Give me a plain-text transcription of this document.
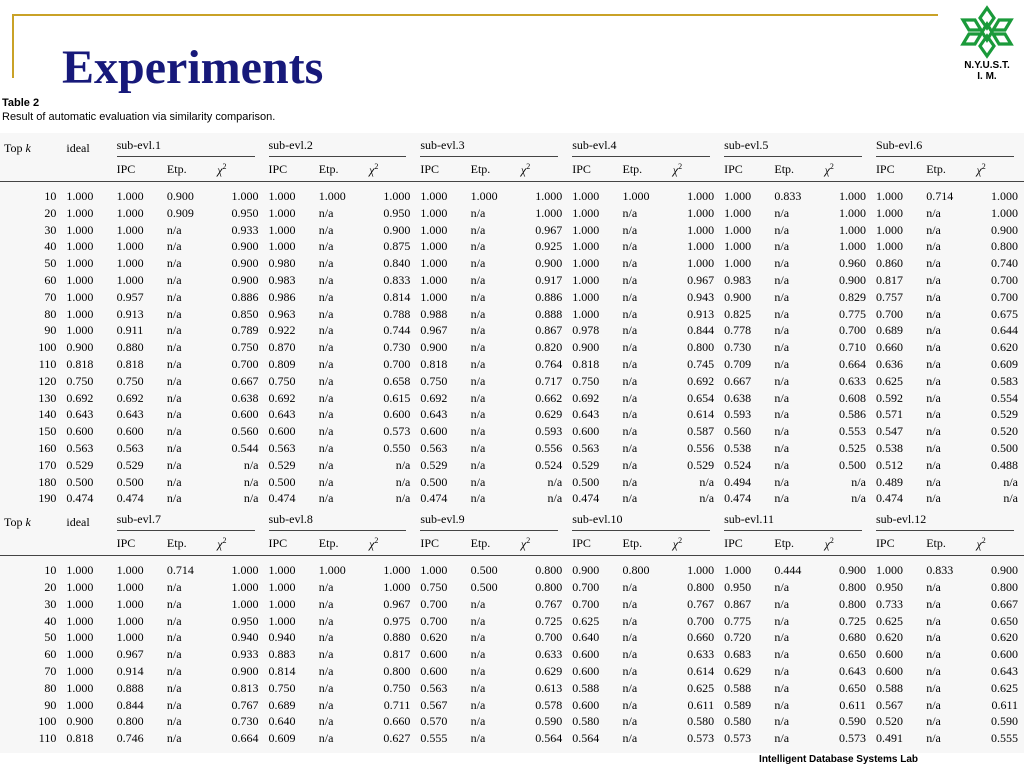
Experiments	N.Y.U.S.T.
I. M.
Table 2
Result of automatic evaluation via similarity comparison.
Top k	ideal	sub-evl.1			sub-evl.2			sub-evl.3			sub-evl.4			sub-evl.5			Sub-evl.6		

		IPC	Etp.	$\chi^2$	IPC	Etp.	$\chi^2$	IPC	Etp.	$\chi^2$	IPC	Etp.	$\chi^2$	IPC	Etp.	$\chi^2$	IPC	Etp.	$\chi^2$

10	1.000	1.000	0.900	1.000	1.000	1.000	1.000	1.000	1.000	1.000	1.000	1.000	1.000	1.000	0.833	1.000	1.000	0.714	1.000
20	1.000	1.000	0.909	0.950	1.000	n/a	0.950	1.000	n/a	1.000	1.000	n/a	1.000	1.000	n/a	1.000	1.000	n/a	1.000
30	1.000	1.000	n/a	0.933	1.000	n/a	0.900	1.000	n/a	0.967	1.000	n/a	1.000	1.000	n/a	1.000	1.000	n/a	0.900
40	1.000	1.000	n/a	0.900	1.000	n/a	0.875	1.000	n/a	0.925	1.000	n/a	1.000	1.000	n/a	1.000	1.000	n/a	0.800
50	1.000	1.000	n/a	0.900	0.980	n/a	0.840	1.000	n/a	0.900	1.000	n/a	1.000	1.000	n/a	0.960	0.860	n/a	0.740
60	1.000	1.000	n/a	0.900	0.983	n/a	0.833	1.000	n/a	0.917	1.000	n/a	0.967	0.983	n/a	0.900	0.817	n/a	0.700
70	1.000	0.957	n/a	0.886	0.986	n/a	0.814	1.000	n/a	0.886	1.000	n/a	0.943	0.900	n/a	0.829	0.757	n/a	0.700
80	1.000	0.913	n/a	0.850	0.963	n/a	0.788	0.988	n/a	0.888	1.000	n/a	0.913	0.825	n/a	0.775	0.700	n/a	0.675
90	1.000	0.911	n/a	0.789	0.922	n/a	0.744	0.967	n/a	0.867	0.978	n/a	0.844	0.778	n/a	0.700	0.689	n/a	0.644
100	0.900	0.880	n/a	0.750	0.870	n/a	0.730	0.900	n/a	0.820	0.900	n/a	0.800	0.730	n/a	0.710	0.660	n/a	0.620
110	0.818	0.818	n/a	0.700	0.809	n/a	0.700	0.818	n/a	0.764	0.818	n/a	0.745	0.709	n/a	0.664	0.636	n/a	0.609
120	0.750	0.750	n/a	0.667	0.750	n/a	0.658	0.750	n/a	0.717	0.750	n/a	0.692	0.667	n/a	0.633	0.625	n/a	0.583
130	0.692	0.692	n/a	0.638	0.692	n/a	0.615	0.692	n/a	0.662	0.692	n/a	0.654	0.638	n/a	0.608	0.592	n/a	0.554
140	0.643	0.643	n/a	0.600	0.643	n/a	0.600	0.643	n/a	0.629	0.643	n/a	0.614	0.593	n/a	0.586	0.571	n/a	0.529
150	0.600	0.600	n/a	0.560	0.600	n/a	0.573	0.600	n/a	0.593	0.600	n/a	0.587	0.560	n/a	0.553	0.547	n/a	0.520
160	0.563	0.563	n/a	0.544	0.563	n/a	0.550	0.563	n/a	0.556	0.563	n/a	0.556	0.538	n/a	0.525	0.538	n/a	0.500
170	0.529	0.529	n/a	n/a	0.529	n/a	n/a	0.529	n/a	0.524	0.529	n/a	0.529	0.524	n/a	0.500	0.512	n/a	0.488
180	0.500	0.500	n/a	n/a	0.500	n/a	n/a	0.500	n/a	n/a	0.500	n/a	n/a	0.494	n/a	n/a	0.489	n/a	n/a
190	0.474	0.474	n/a	n/a	0.474	n/a	n/a	0.474	n/a	n/a	0.474	n/a	n/a	0.474	n/a	n/a	0.474	n/a	n/a
Top k	ideal	sub-evl.7			sub-evl.8			sub-evl.9			sub-evl.10			sub-evl.11			sub-evl.12		

		IPC	Etp.	$\chi^2$	IPC	Etp.	$\chi^2$	IPC	Etp.	$\chi^2$	IPC	Etp.	$\chi^2$	IPC	Etp.	$\chi^2$	IPC	Etp.	$\chi^2$

10	1.000	1.000	0.714	1.000	1.000	1.000	1.000	1.000	0.500	0.800	0.900	0.800	1.000	1.000	0.444	0.900	1.000	0.833	0.900
20	1.000	1.000	n/a	1.000	1.000	n/a	1.000	0.750	0.500	0.800	0.700	n/a	0.800	0.950	n/a	0.800	0.950	n/a	0.800
30	1.000	1.000	n/a	1.000	1.000	n/a	0.967	0.700	n/a	0.767	0.700	n/a	0.767	0.867	n/a	0.800	0.733	n/a	0.667
40	1.000	1.000	n/a	0.950	1.000	n/a	0.975	0.700	n/a	0.725	0.625	n/a	0.700	0.775	n/a	0.725	0.625	n/a	0.650
50	1.000	1.000	n/a	0.940	0.940	n/a	0.880	0.620	n/a	0.700	0.640	n/a	0.660	0.720	n/a	0.680	0.620	n/a	0.620
60	1.000	0.967	n/a	0.933	0.883	n/a	0.817	0.600	n/a	0.633	0.600	n/a	0.633	0.683	n/a	0.650	0.600	n/a	0.600
70	1.000	0.914	n/a	0.900	0.814	n/a	0.800	0.600	n/a	0.629	0.600	n/a	0.614	0.629	n/a	0.643	0.600	n/a	0.643
80	1.000	0.888	n/a	0.813	0.750	n/a	0.750	0.563	n/a	0.613	0.588	n/a	0.625	0.588	n/a	0.650	0.588	n/a	0.625
90	1.000	0.844	n/a	0.767	0.689	n/a	0.711	0.567	n/a	0.578	0.600	n/a	0.611	0.589	n/a	0.611	0.567	n/a	0.611
100	0.900	0.800	n/a	0.730	0.640	n/a	0.660	0.570	n/a	0.590	0.580	n/a	0.580	0.580	n/a	0.590	0.520	n/a	0.590
110	0.818	0.746	n/a	0.664	0.609	n/a	0.627	0.555	n/a	0.564	0.564	n/a	0.573	0.573	n/a	0.573	0.491	n/a	0.555
Intelligent Database Systems Lab
